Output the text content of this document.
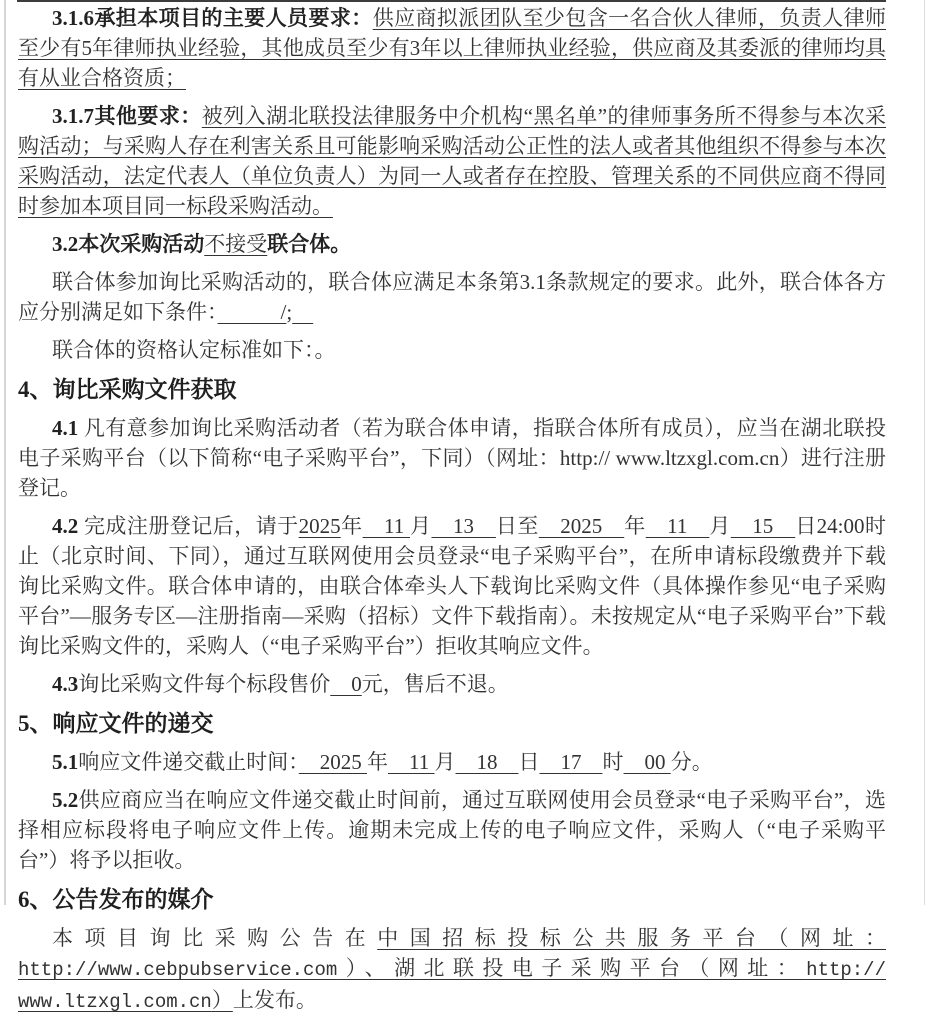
3.1.6承担本项目的主要人员要求：供应商拟派团队至少包含一名合伙人律师，负责人律师至少有5年律师执业经验，其他成员至少有3年以上律师执业经验，供应商及其委派的律师均具有从业合格资质；

3.1.7其他要求：被列入湖北联投法律服务中介机构“黑名单”的律师事务所不得参与本次采购活动；与采购人存在利害关系且可能影响采购活动公正性的法人或者其他组织不得参与本次采购活动，法定代表人（单位负责人）为同一人或者存在控股、管理关系的不同供应商不得同时参加本项目同一标段采购活动。

3.2本次采购活动不接受联合体。

联合体参加询比采购活动的，联合体应满足本条第3.1条款规定的要求。此外，联合体各方应分别满足如下条件：　　　/;　

联合体的资格认定标准如下：。

4、询比采购文件获取

4.1 凡有意参加询比采购活动者（若为联合体申请，指联合体所有成员），应当在湖北联投电子采购平台（以下简称“电子采购平台”，下同）（网址：http:// www.ltzxgl.com.cn）进行注册登记。

4.2 完成注册登记后，请于2025年　11 月　13　日至　2025　年　11　月　15　日24:00时止（北京时间、下同），通过互联网使用会员登录“电子采购平台”，在所申请标段缴费并下载询比采购文件。联合体申请的，由联合体牵头人下载询比采购文件（具体操作参见“电子采购平台”—服务专区—注册指南—采购（招标）文件下载指南）。未按规定从“电子采购平台”下载询比采购文件的，采购人（“电子采购平台”）拒收其响应文件。

4.3询比采购文件每个标段售价　0元，售后不退。

5、响应文件的递交

5.1响应文件递交截止时间：　2025 年　11 月　18　日　17　时　00 分。

5.2供应商应当在响应文件递交截止时间前，通过互联网使用会员登录“电子采购平台”，选择相应标段将电子响应文件上传。逾期未完成上传的电子响应文件，采购人（“电子采购平台”）将予以拒收。

6、公告发布的媒介

本项目询比采购公告在中国招标投标公共服务平台（网址：http://www.cebpubservice.com）、湖北联投电子采购平台（网址：http:// www.ltzxgl.com.cn）上发布。
